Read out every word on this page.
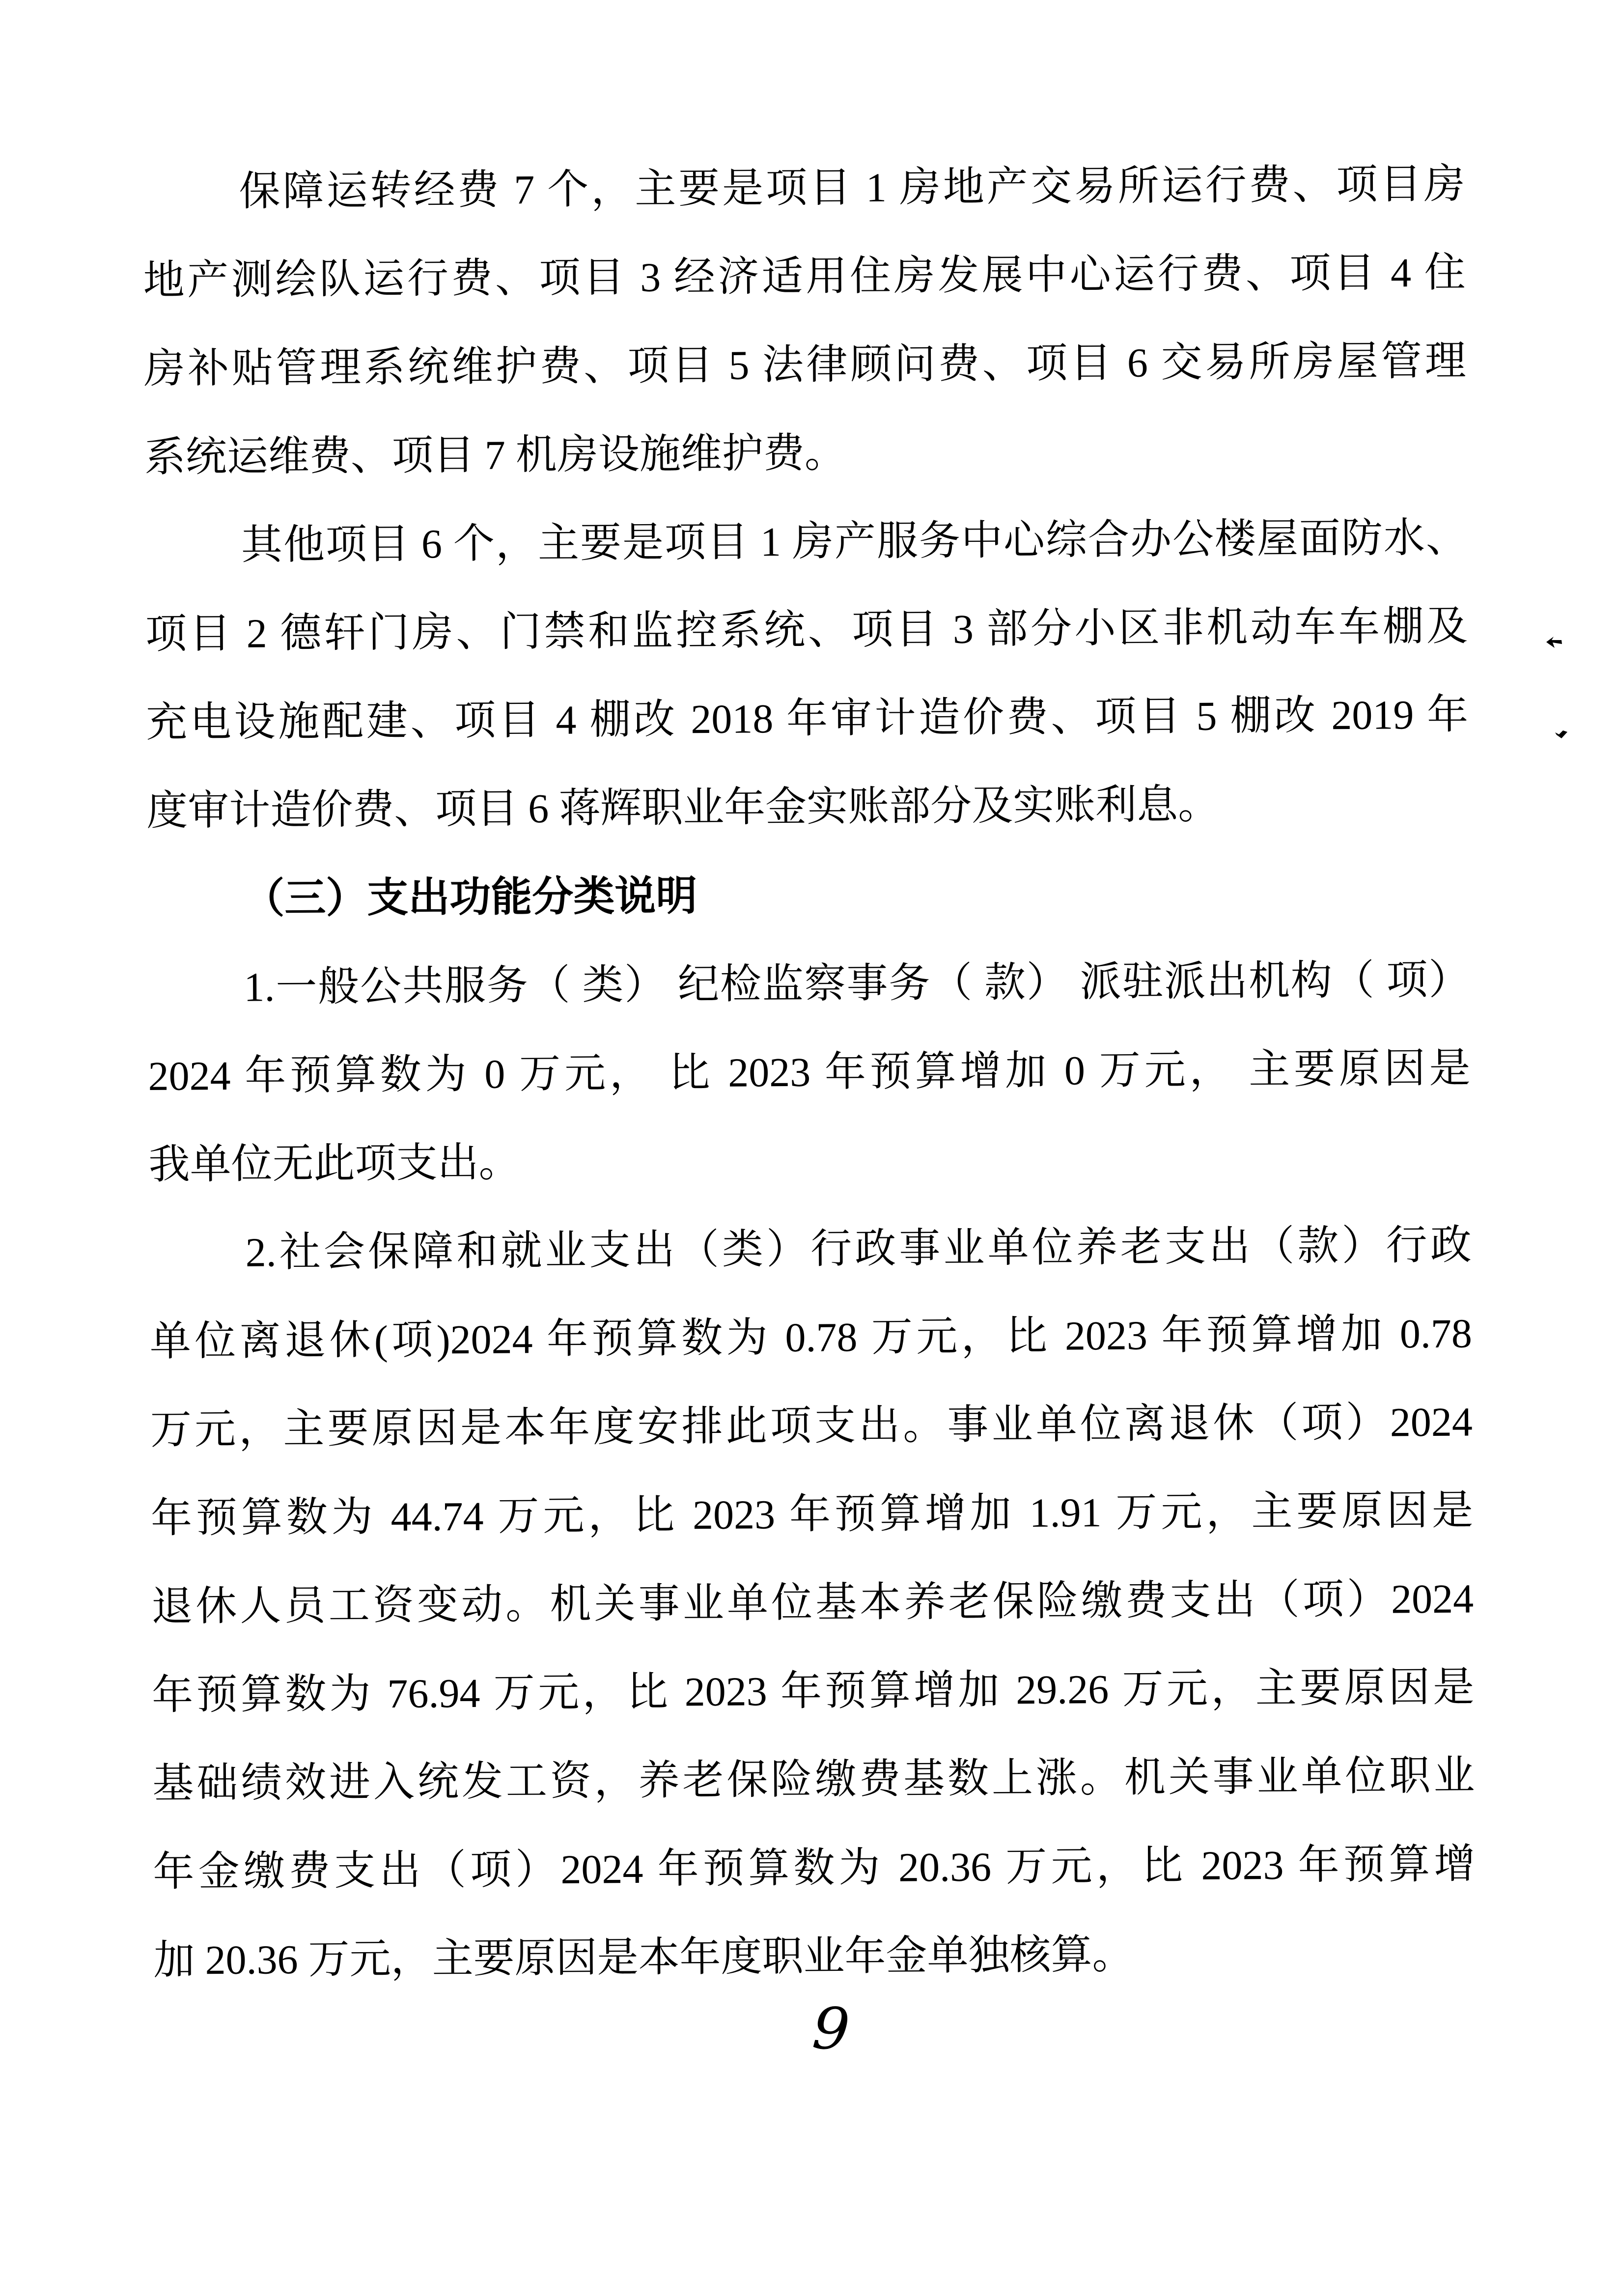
保障运转经费 7 个，主要是项目 1 房地产交易所运行费、项目房
地产测绘队运行费、项目 3 经济适用住房发展中心运行费、项目 4 住
房补贴管理系统维护费、项目 5 法律顾问费、项目 6 交易所房屋管理
系统运维费、项目 7 机房设施维护费。
其他项目 6 个，主要是项目 1 房产服务中心综合办公楼屋面防水、
项目 2 德轩门房、门禁和监控系统、项目 3 部分小区非机动车车棚及
充电设施配建、项目 4 棚改 2018 年审计造价费、项目 5 棚改 2019 年
度审计造价费、项目 6 蒋辉职业年金实账部分及实账利息。
（三）支出功能分类说明
1.一般公共服务（ 类） 纪检监察事务（ 款） 派驻派出机构（ 项）
2024 年预算数为 0 万元， 比 2023 年预算增加 0 万元， 主要原因是
我单位无此项支出。
2.社会保障和就业支出（类）行政事业单位养老支出（款）行政
单位离退休(项)2024 年预算数为 0.78 万元，比 2023 年预算增加 0.78
万元，主要原因是本年度安排此项支出。事业单位离退休（项）2024
年预算数为 44.74 万元，比 2023 年预算增加 1.91 万元，主要原因是
退休人员工资变动。机关事业单位基本养老保险缴费支出（项）2024
年预算数为 76.94 万元，比 2023 年预算增加 29.26 万元，主要原因是
基础绩效进入统发工资，养老保险缴费基数上涨。机关事业单位职业
年金缴费支出（项）2024 年预算数为 20.36 万元，比 2023 年预算增
加 20.36 万元，主要原因是本年度职业年金单独核算。
9
